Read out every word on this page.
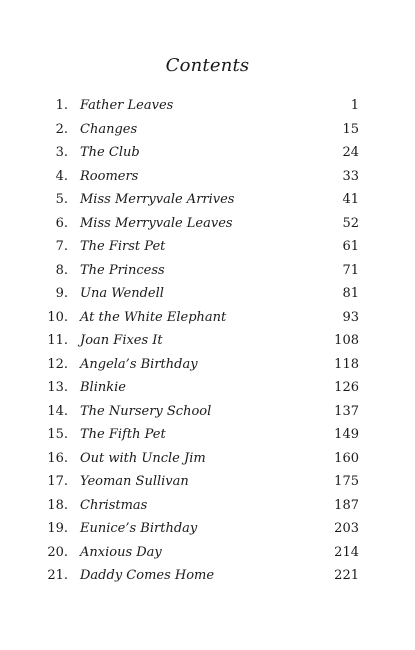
Contents
1. Father Leaves	1
2. Changes	15
3. The Club	24
4. Roomers	33
5. Miss Merryvale Arrives	41
6. Miss Merryvale Leaves	52
7. The First Pet	61
8. The Princess	71
9. Una Wendell	81
10. At the White Elephant	93
11. Joan Fixes It	108
12. Angela’s Birthday	118
13. Blinkie	126
14. The Nursery School	137
15. The Fifth Pet	149
16. Out with Uncle Jim	160
17. Yeoman Sullivan	175
18. Christmas	187
19. Eunice’s Birthday	203
20. Anxious Day	214
21. Daddy Comes Home	221
